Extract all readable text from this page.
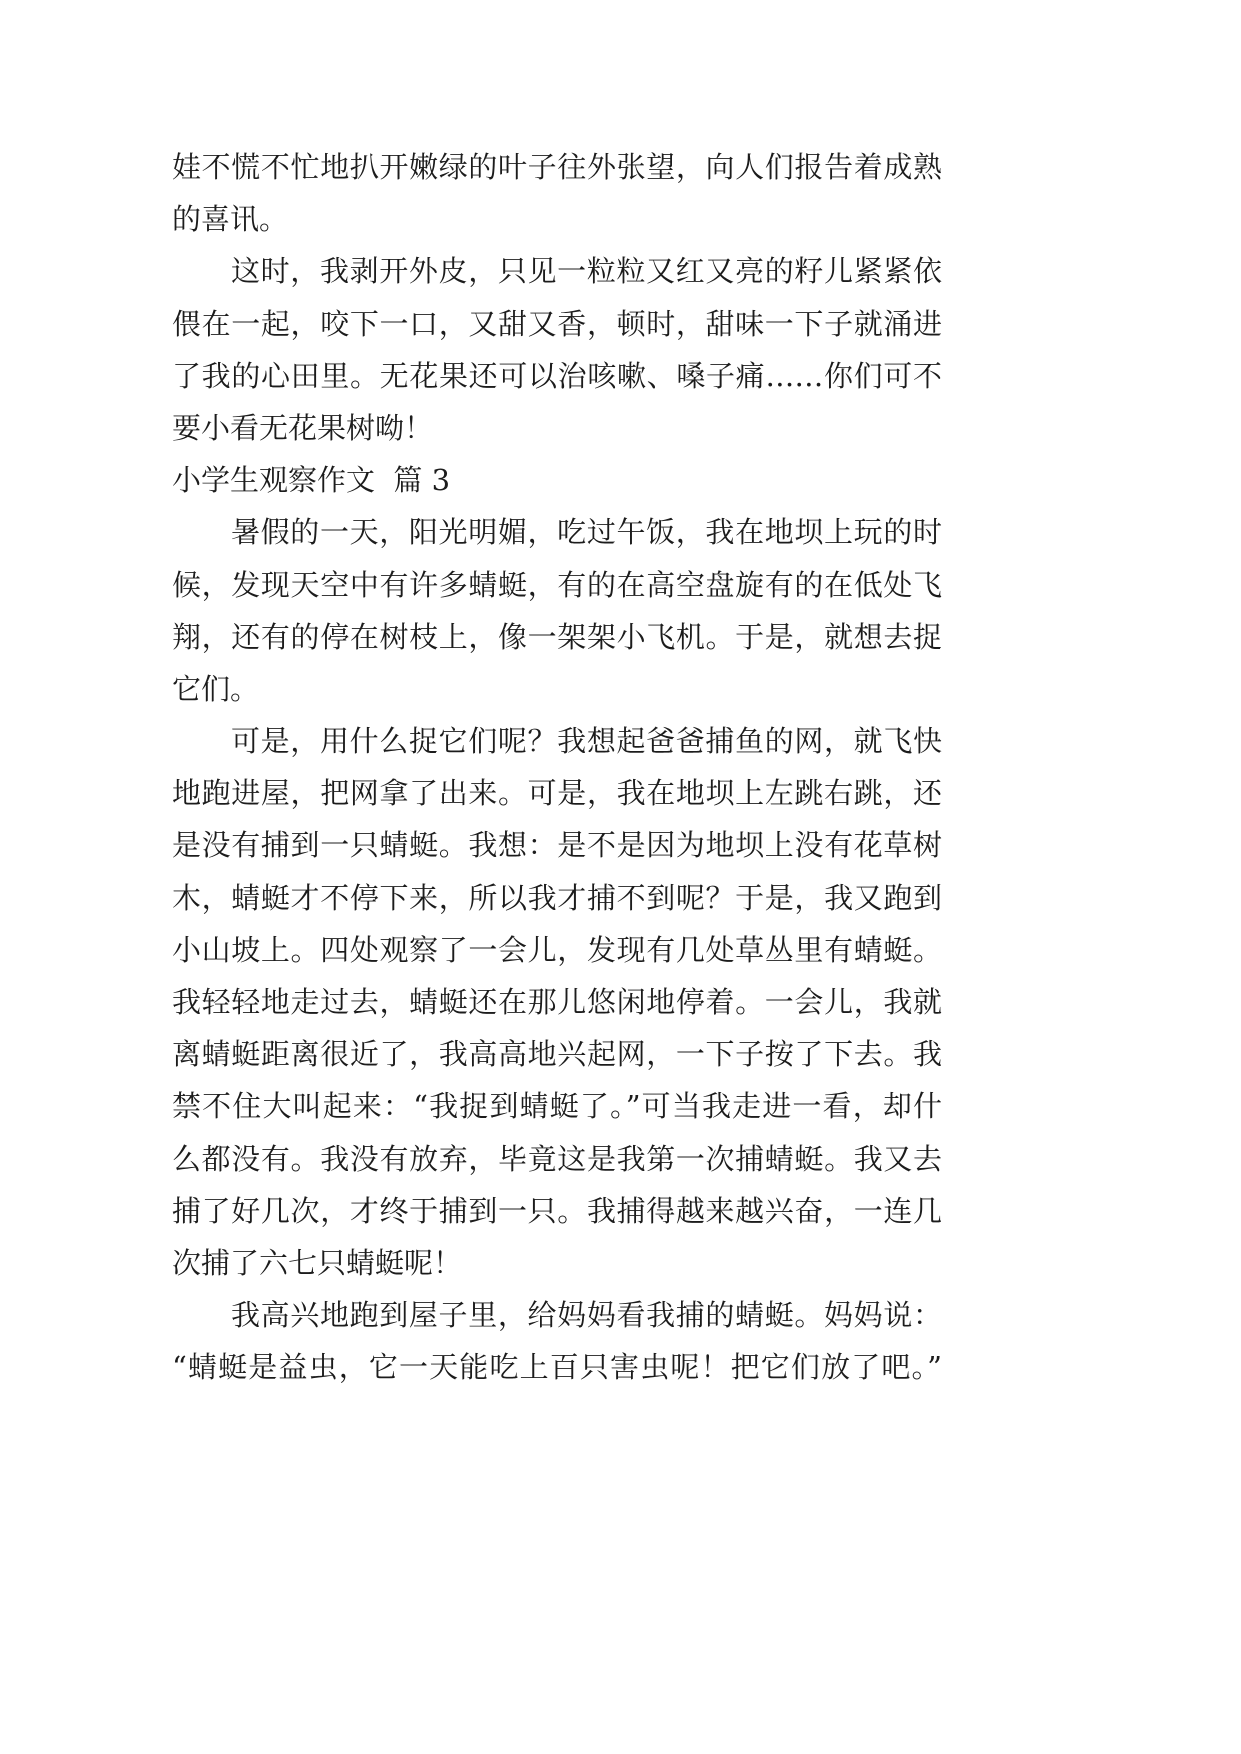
娃不慌不忙地扒开嫩绿的叶子往外张望，向人们报告着成熟
的喜讯。
这时，我剥开外皮，只见一粒粒又红又亮的籽儿紧紧依
偎在一起，咬下一口，又甜又香，顿时，甜味一下子就涌进
了我的心田里。无花果还可以治咳嗽、嗓子痛……你们可不
要小看无花果树呦！
小学生观察作文  篇 3
暑假的一天，阳光明媚，吃过午饭，我在地坝上玩的时
候，发现天空中有许多蜻蜓，有的在高空盘旋有的在低处飞
翔，还有的停在树枝上，像一架架小飞机。于是，就想去捉
它们。
可是，用什么捉它们呢？我想起爸爸捕鱼的网，就飞快
地跑进屋，把网拿了出来。可是，我在地坝上左跳右跳，还
是没有捕到一只蜻蜓。我想：是不是因为地坝上没有花草树
木，蜻蜓才不停下来，所以我才捕不到呢？于是，我又跑到
小山坡上。四处观察了一会儿，发现有几处草丛里有蜻蜓。
我轻轻地走过去，蜻蜓还在那儿悠闲地停着。一会儿，我就
离蜻蜓距离很近了，我高高地兴起网，一下子按了下去。我
禁不住大叫起来：“我捉到蜻蜓了。”可当我走进一看，却什
么都没有。我没有放弃，毕竟这是我第一次捕蜻蜓。我又去
捕了好几次，才终于捕到一只。我捕得越来越兴奋，一连几
次捕了六七只蜻蜓呢！
我高兴地跑到屋子里，给妈妈看我捕的蜻蜓。妈妈说：
“蜻蜓是益虫，它一天能吃上百只害虫呢！把它们放了吧。”
